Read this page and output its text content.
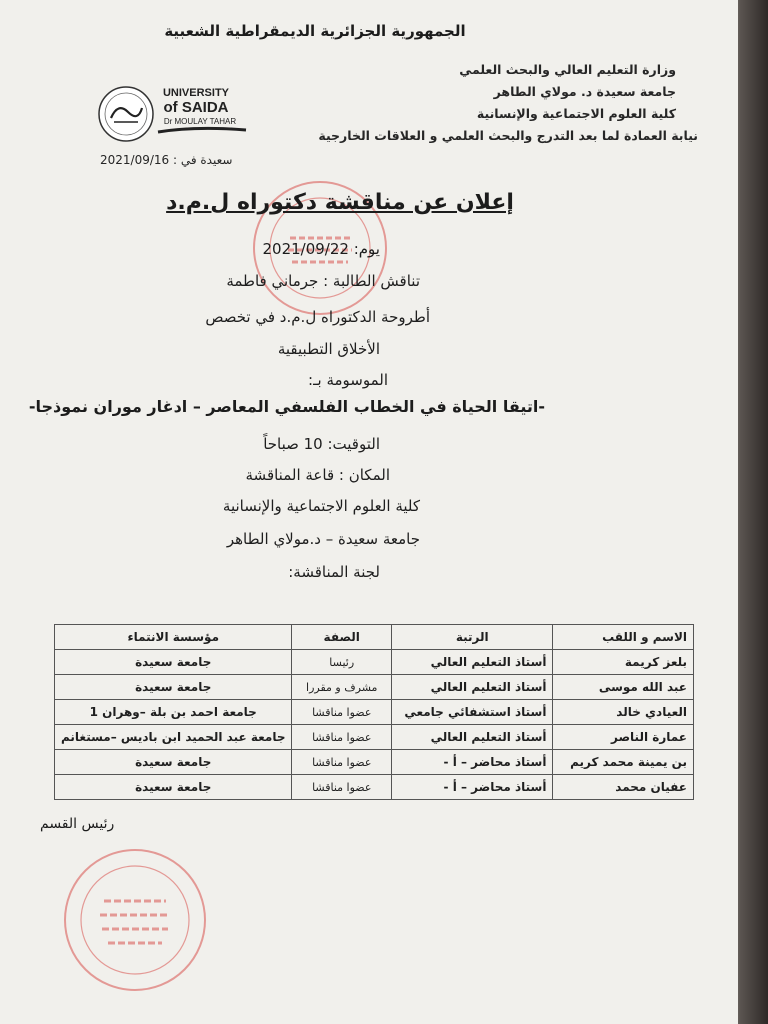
الجمهورية الجزائرية الديمقراطية الشعبية
UNIVERSITY
of SAIDA
Dr MOULAY TAHAR
وزارة التعليم العالي والبحث العلمي
جامعة سعيدة د. مولاي الطاهر
كلية العلوم الاجتماعية والإنسانية
نيابة العمادة لما بعد التدرج والبحث العلمي و العلاقات الخارجية
سعيدة في : 2021/09/16
إعلان عن مناقشة دكتوراه ل.م.د
يوم: 2021/09/22
تناقش الطالبة : جرماني فاطمة
أطروحة الدكتوراه ل.م.د في تخصص
الأخلاق التطبيقية
الموسومة بـ:
-اتيقا الحياة في الخطاب الفلسفي المعاصر – ادغار موران نموذجا-
التوقيت: 10 صباحاً
المكان : قاعة المناقشة
كلية العلوم الاجتماعية والإنسانية
جامعة سعيدة – د.مولاي الطاهر
لجنة المناقشة:
الاسم و اللقب	الرتبة	الصفة	مؤسسة الانتماء
بلعز كريمة	أستاذ التعليم العالي	رئيسا	جامعة سعيدة
عبد الله موسى	أستاذ التعليم العالي	مشرف و مقررا	جامعة سعيدة
العيادي خالد	أستاذ استشفائي جامعي	عضوا مناقشا	جامعة احمد بن بلة –وهران 1
عمارة الناصر	أستاذ التعليم العالي	عضوا مناقشا	جامعة عبد الحميد ابن باديس –مستغانم
بن يمينة محمد كريم	أستاذ محاضر – أ -	عضوا مناقشا	جامعة سعيدة
عفيان محمد	أستاذ محاضر – أ -	عضوا مناقشا	جامعة سعيدة
رئيس القسم
